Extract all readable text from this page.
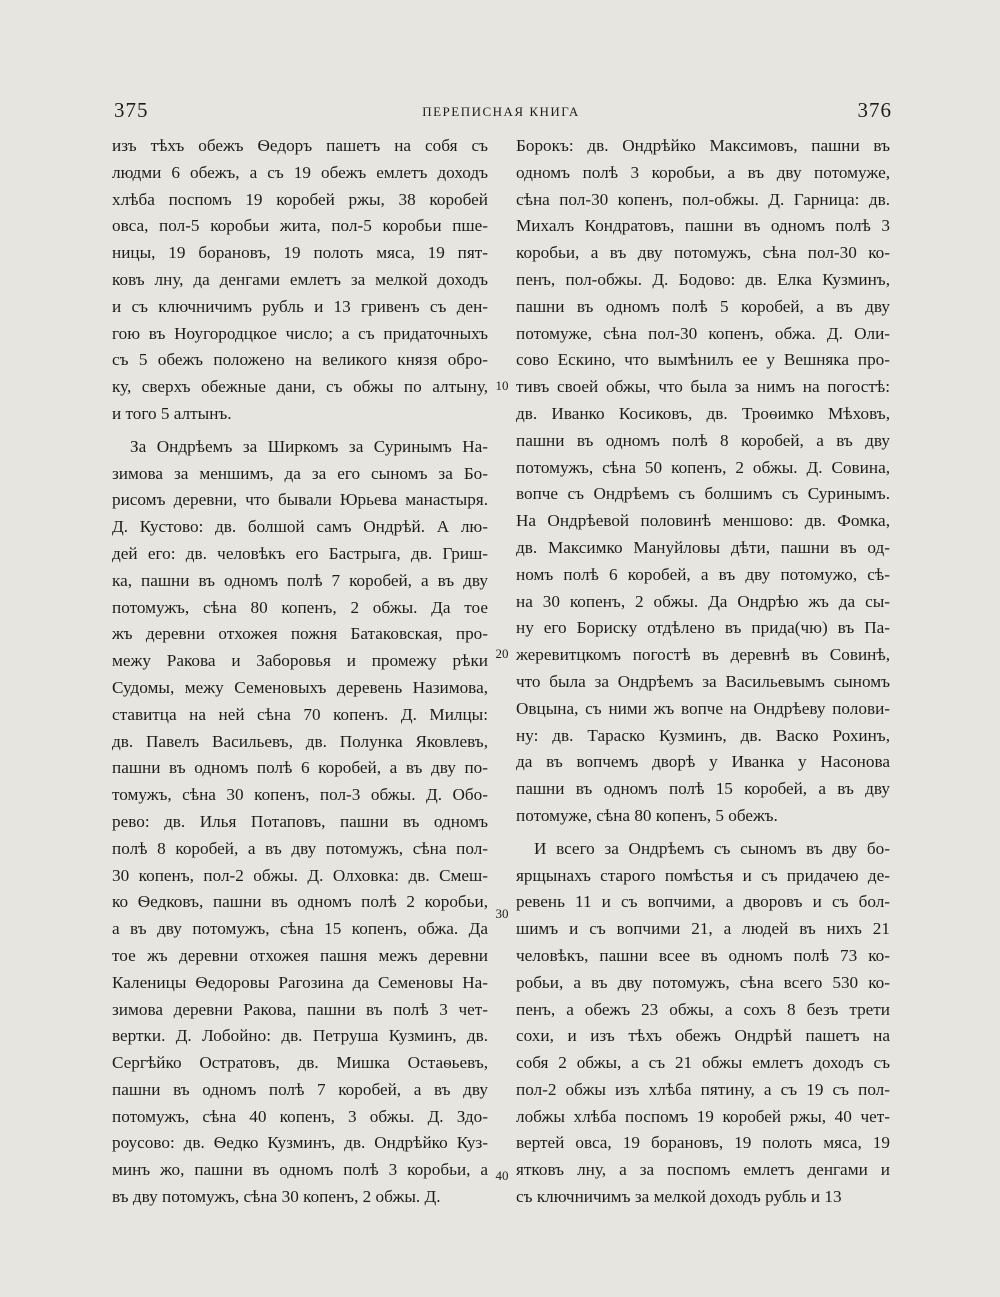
375	ПЕРЕПИСНАЯ КНИГА	376
изъ тѣхъ обежъ Ѳедоръ пашетъ на собя съ
людми 6 обежъ, а съ 19 обежъ емлетъ доходъ
хлѣба поспомъ 19 коробей ржы, 38 коробей
овса, пол-5 коробьи жита, пол-5 коробьи пше-
ницы, 19 борановъ, 19 полоть мяса, 19 пят-
ковъ лну, да денгами емлетъ за мелкой доходъ
и съ ключничимъ рубль и 13 гривенъ съ ден-
гою въ Ноугородцкое число; а съ придаточныхъ
съ 5 обежъ положено на великого князя обро-
ку, сверхъ обежные дани, съ обжы по алтыну,
и того 5 алтынъ.
За Ондрѣемъ за Ширкомъ за Суринымъ На-
зимова за меншимъ, да за его сыномъ за Бо-
рисомъ деревни, что бывали Юрьева манастыря.
Д. Кустово: дв. болшой самъ Ондрѣй. А лю-
дей его: дв. человѣкъ его Бастрыга, дв. Гриш-
ка, пашни въ одномъ полѣ 7 коробей, а въ дву
потомужъ, сѣна 80 копенъ, 2 обжы. Да тое
жъ деревни отхожея пожня Батаковская, про-
межу Ракова и Заборовья и промежу рѣки
Судомы, межу Семеновыхъ деревень Назимова,
ставитца на ней сѣна 70 копенъ. Д. Милцы:
дв. Павелъ Васильевъ, дв. Полунка Яковлевъ,
пашни въ одномъ полѣ 6 коробей, а въ дву по-
томужъ, сѣна 30 копенъ, пол-3 обжы. Д. Обо-
рево: дв. Илья Потаповъ, пашни въ одномъ
полѣ 8 коробей, а въ дву потомужъ, сѣна пол-
30 копенъ, пол-2 обжы. Д. Олховка: дв. Смеш-
ко Ѳедковъ, пашни въ одномъ полѣ 2 коробьи,
а въ дву потомужъ, сѣна 15 копенъ, обжа. Да
тое жъ деревни отхожея пашня межъ деревни
Каленицы Ѳедоровы Рагозина да Семеновы На-
зимова деревни Ракова, пашни въ полѣ 3 чет-
вертки. Д. Лобойно: дв. Петруша Кузминъ, дв.
Сергѣйко Остратовъ, дв. Мишка Остаѳьевъ,
пашни въ одномъ полѣ 7 коробей, а въ дву
потомужъ, сѣна 40 копенъ, 3 обжы. Д. Здо-
роусово: дв. Ѳедко Кузминъ, дв. Ондрѣйко Куз-
минъ жо, пашни въ одномъ полѣ 3 коробьи, а
въ дву потомужъ, сѣна 30 копенъ, 2 обжы. Д.
Борокъ: дв. Ондрѣйко Максимовъ, пашни въ
одномъ полѣ 3 коробьи, а въ дву потомуже,
сѣна пол-30 копенъ, пол-обжы. Д. Гарница: дв.
Михалъ Кондратовъ, пашни въ одномъ полѣ 3
коробьи, а въ дву потомужъ, сѣна пол-30 ко-
пенъ, пол-обжы. Д. Бодово: дв. Елка Кузминъ,
пашни въ одномъ полѣ 5 коробей, а въ дву
потомуже, сѣна пол-30 копенъ, обжа. Д. Оли-
сово Ескино, что вымѣнилъ ее у Вешняка про-
тивъ своей обжы, что была за нимъ на погостѣ:
дв. Иванко Косиковъ, дв. Троѳимко Мѣховъ,
пашни въ одномъ полѣ 8 коробей, а въ дву
потомужъ, сѣна 50 копенъ, 2 обжы. Д. Совина,
вопче съ Ондрѣемъ съ болшимъ съ Суринымъ.
На Ондрѣевой половинѣ меншово: дв. Фомка,
дв. Максимко Мануйловы дѣти, пашни въ од-
номъ полѣ 6 коробей, а въ дву потомужо, сѣ-
на 30 копенъ, 2 обжы. Да Ондрѣю жъ да сы-
ну его Бориску отдѣлено въ прида(чю) въ Па-
жеревитцкомъ погостѣ въ деревнѣ въ Совинѣ,
что была за Ондрѣемъ за Васильевымъ сыномъ
Овцына, съ ними жъ вопче на Ондрѣеву полови-
ну: дв. Тараско Кузминъ, дв. Васко Рохинъ,
да въ вопчемъ дворѣ у Иванка у Насонова
пашни въ одномъ полѣ 15 коробей, а въ дву
потомуже, сѣна 80 копенъ, 5 обежъ.
И всего за Ондрѣемъ съ сыномъ въ дву бо-
ярщынахъ старого помѣстья и съ придачею де-
ревень 11 и съ вопчими, а дворовъ и съ бол-
шимъ и съ вопчими 21, а людей въ нихъ 21
человѣкъ, пашни всее въ одномъ полѣ 73 ко-
робьи, а въ дву потомужъ, сѣна всего 530 ко-
пенъ, а обежъ 23 обжы, а сохъ 8 безъ трети
сохи, и изъ тѣхъ обежъ Ондрѣй пашетъ на
собя 2 обжы, а съ 21 обжы емлетъ доходъ съ
пол-2 обжы изъ хлѣба пятину, а съ 19 съ пол-
лобжы хлѣба поспомъ 19 коробей ржы, 40 чет-
вертей овса, 19 борановъ, 19 полоть мяса, 19
ятковъ лну, а за поспомъ емлетъ денгами и
съ ключничимъ за мелкой доходъ рубль и 13
10
20
30
40
